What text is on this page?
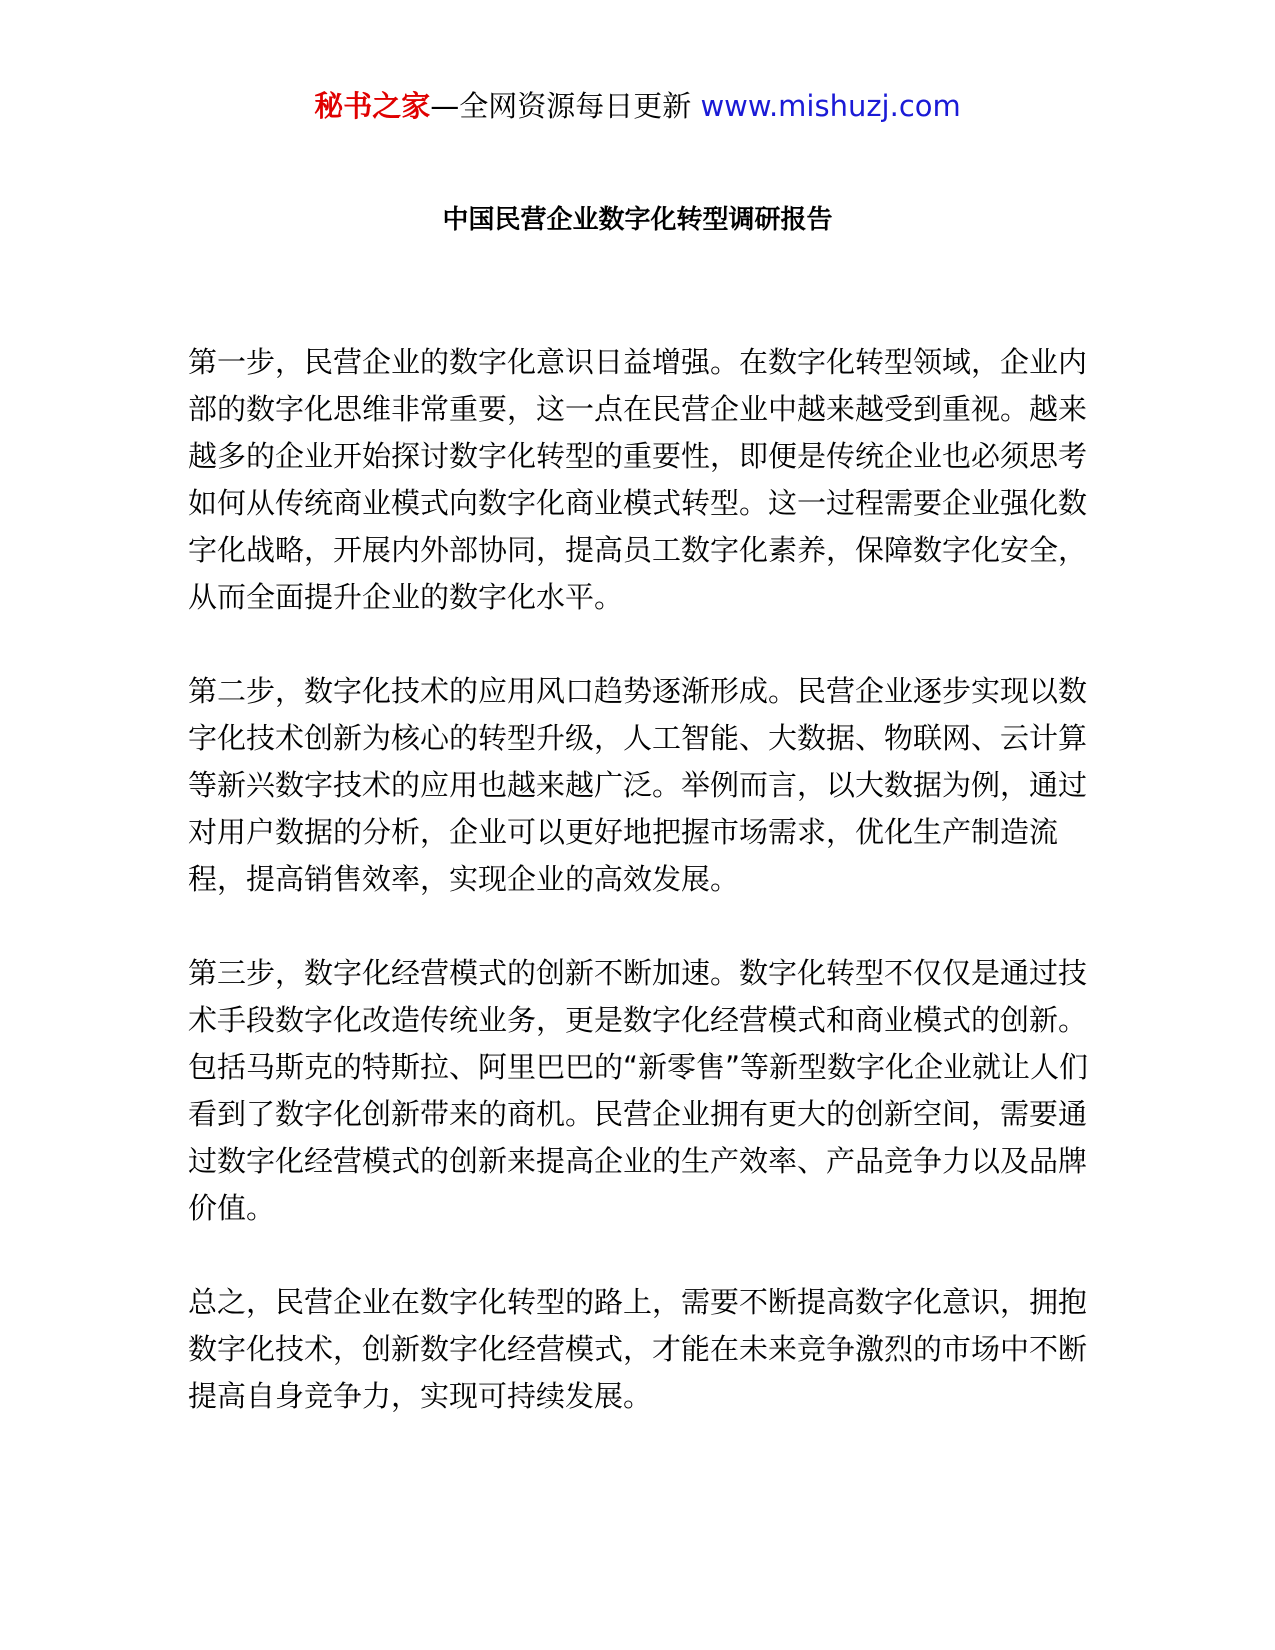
秘书之家—全网资源每日更新 www.mishuzj.com
中国民营企业数字化转型调研报告

第一步，民营企业的数字化意识日益增强。在数字化转型领域，企业内部的数字化思维非常重要，这一点在民营企业中越来越受到重视。越来越多的企业开始探讨数字化转型的重要性，即便是传统企业也必须思考如何从传统商业模式向数字化商业模式转型。这一过程需要企业强化数字化战略，开展内外部协同，提高员工数字化素养，保障数字化安全，从而全面提升企业的数字化水平。

第二步，数字化技术的应用风口趋势逐渐形成。民营企业逐步实现以数字化技术创新为核心的转型升级，人工智能、大数据、物联网、云计算等新兴数字技术的应用也越来越广泛。举例而言，以大数据为例，通过对用户数据的分析，企业可以更好地把握市场需求，优化生产制造流程，提高销售效率，实现企业的高效发展。

第三步，数字化经营模式的创新不断加速。数字化转型不仅仅是通过技术手段数字化改造传统业务，更是数字化经营模式和商业模式的创新。包括马斯克的特斯拉、阿里巴巴的“新零售”等新型数字化企业就让人们看到了数字化创新带来的商机。民营企业拥有更大的创新空间，需要通过数字化经营模式的创新来提高企业的生产效率、产品竞争力以及品牌价值。

总之，民营企业在数字化转型的路上，需要不断提高数字化意识，拥抱数字化技术，创新数字化经营模式，才能在未来竞争激烈的市场中不断提高自身竞争力，实现可持续发展。
